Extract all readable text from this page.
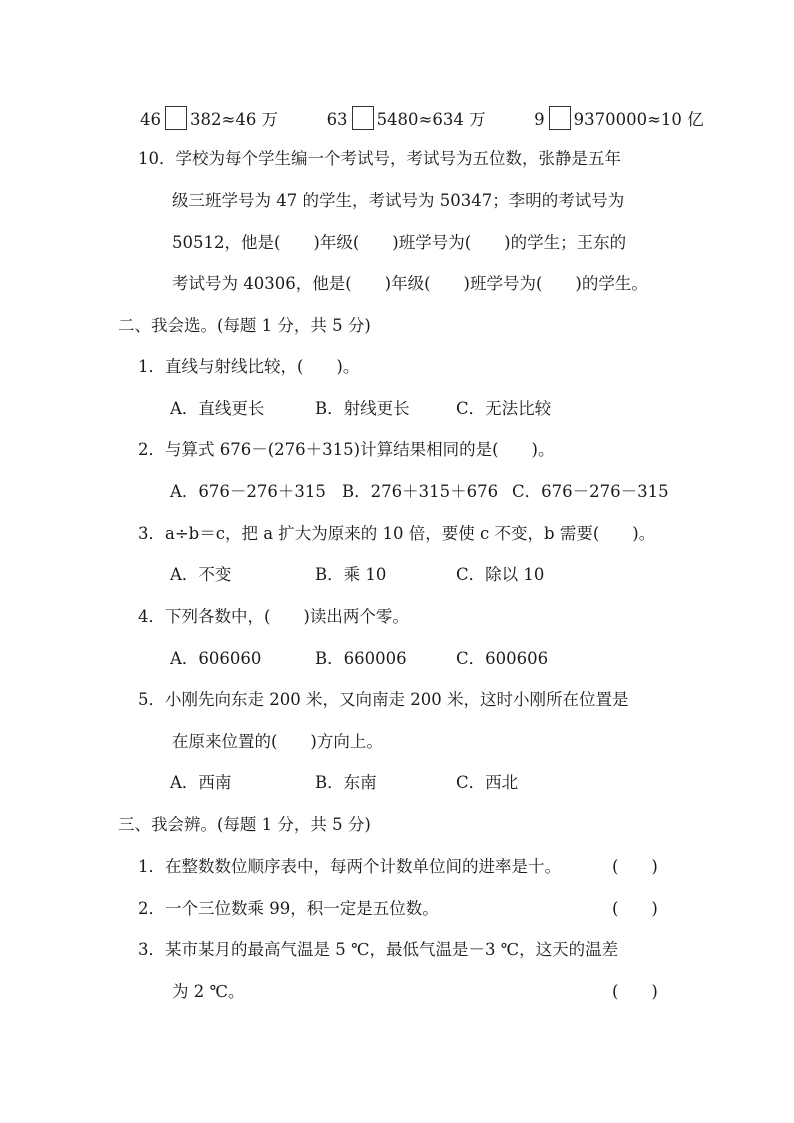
46 382≈46 万	63 5480≈634 万	9 9370000≈10 亿
10．学校为每个学生编一个考试号，考试号为五位数，张静是五年
级三班学号为 47 的学生，考试号为 50347；李明的考试号为
50512，他是(　　)年级(　　)班学号为(　　)的学生；王东的
考试号为 40306，他是(　　)年级(　　)班学号为(　　)的学生。
二、我会选。(每题 1 分，共 5 分)
1．直线与射线比较，(　　)。
A．直线更长	B．射线更长	C．无法比较
2．与算式 676－(276＋315)计算结果相同的是(　　)。
A．676－276＋315 B．276＋315＋676 C．676－276－315
3．a÷b＝c，把 a 扩大为原来的 10 倍，要使 c 不变，b 需要(　　)。
A．不变	B．乘 10	C．除以 10
4．下列各数中，(　　)读出两个零。
A．606060	B．660006	C．600606
5．小刚先向东走 200 米，又向南走 200 米，这时小刚所在位置是
在原来位置的(　　)方向上。
A．西南	B．东南	C．西北
三、我会辨。(每题 1 分，共 5 分)
1．在整数数位顺序表中，每两个计数单位间的进率是十。	(　　)
2．一个三位数乘 99，积一定是五位数。	(　　)
3．某市某月的最高气温是 5 ℃，最低气温是－3 ℃，这天的温差
为 2 ℃。	(　　)
